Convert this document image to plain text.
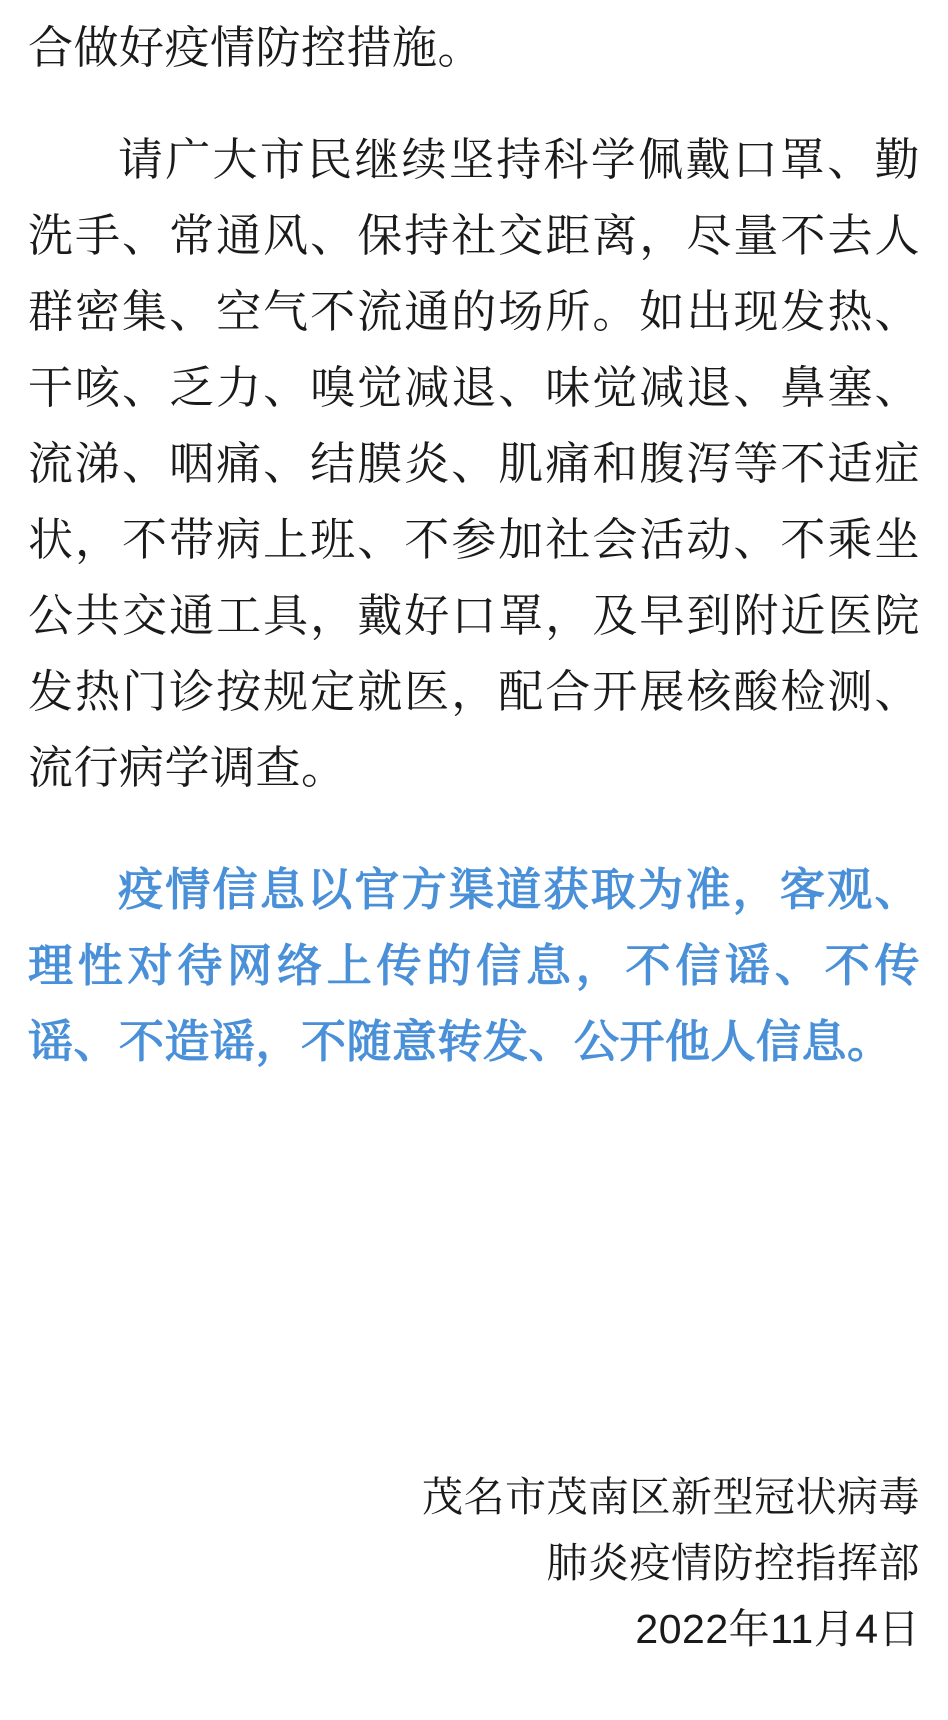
合做好疫情防控措施。

请广大市民继续坚持科学佩戴口罩、勤洗手、常通风、保持社交距离，尽量不去人群密集、空气不流通的场所。如出现发热、干咳、乏力、嗅觉减退、味觉减退、鼻塞、流涕、咽痛、结膜炎、肌痛和腹泻等不适症状，不带病上班、不参加社会活动、不乘坐公共交通工具，戴好口罩，及早到附近医院发热门诊按规定就医，配合开展核酸检测、流行病学调查。

疫情信息以官方渠道获取为准，客观、理性对待网络上传的信息，不信谣、不传谣、不造谣，不随意转发、公开他人信息。

茂名市茂南区新型冠状病毒
肺炎疫情防控指挥部
2022年11月4日
